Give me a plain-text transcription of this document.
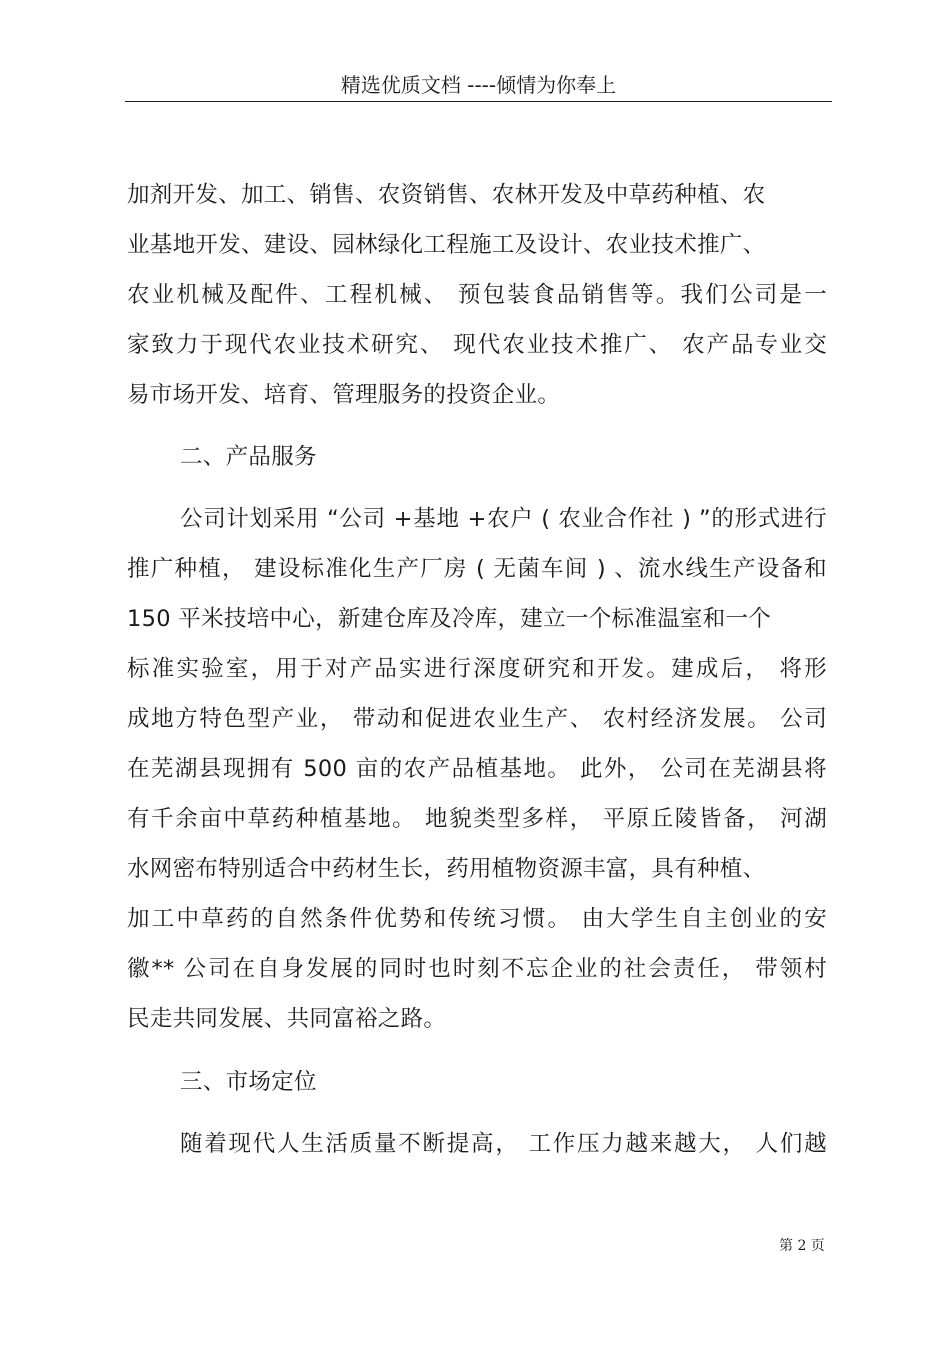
精选优质文档 ----倾情为你奉上
加剂开发、加工、销售、农资销售、农林开发及中草药种植、农
业基地开发、建设、园林绿化工程施工及设计、农业技术推广、
农业机械及配件、工程机械、 预包装食品销售等。我们公司是一
家致力于现代农业技术研究、 现代农业技术推广、 农产品专业交
易市场开发、培育、管理服务的投资企业。
二、产品服务
公司计划采用 “公司 +基地 +农户 ( 农业合作社 ) ”的形式进行
推广种植， 建设标准化生产厂房 ( 无菌车间 ) 、流水线生产设备和
150 平米技培中心，新建仓库及冷库，建立一个标准温室和一个
标准实验室，用于对产品实进行深度研究和开发。建成后， 将形
成地方特色型产业， 带动和促进农业生产、 农村经济发展。 公司
在芜湖县现拥有 500 亩的农产品植基地。 此外， 公司在芜湖县将
有千余亩中草药种植基地。 地貌类型多样， 平原丘陵皆备， 河湖
水网密布特别适合中药材生长，药用植物资源丰富，具有种植、
加工中草药的自然条件优势和传统习惯。 由大学生自主创业的安
徽** 公司在自身发展的同时也时刻不忘企业的社会责任， 带领村
民走共同发展、共同富裕之路。
三、市场定位
随着现代人生活质量不断提高， 工作压力越来越大， 人们越
第 2 页
